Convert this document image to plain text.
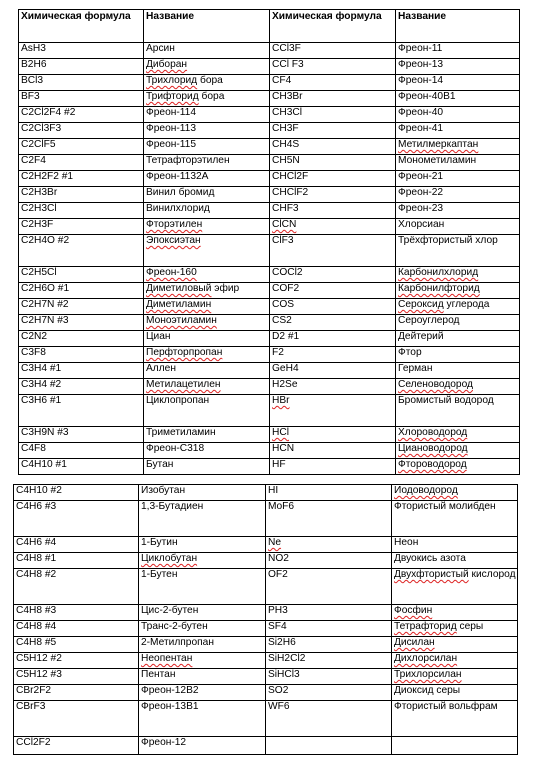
Химическая формула	Название	Химическая формула	Название
AsH3	Арсин	CCl3F	Фреон-11
B2H6	Диборан	CCl F3	Фреон-13
BCl3	Трихлорид бора	CF4	Фреон-14
BF3	Трифторид бора	CH3Br	Фреон-40B1
C2Cl2F4 #2	Фреон-114	CH3Cl	Фреон-40
C2Cl3F3	Фреон-113	CH3F	Фреон-41
C2ClF5	Фреон-115	CH4S	Метилмеркаптан
C2F4	Тетрафторэтилен	CH5N	Монометиламин
C2H2F2 #1	Фреон-1132A	CHCl2F	Фреон-21
C2H3Br	Винил бромид	CHClF2	Фреон-22
C2H3Cl	Винилхлорид	CHF3	Фреон-23
C2H3F	Фторэтилен	ClCN	Хлорсиан
C2H4O #2	Эпоксиэтан	ClF3	Трёхфтористый хлор
C2H5Cl	Фреон-160	COCl2	Карбонилхлорид
C2H6O #1	Диметиловый эфир	COF2	Карбонилфторид
C2H7N #2	Диметиламин	COS	Сероксид углерода
C2H7N #3	Моноэтиламин	CS2	Сероуглерод
C2N2	Циан	D2 #1	Дейтерий
C3F8	Перфторпропан	F2	Фтор
C3H4 #1	Аллен	GeH4	Герман
C3H4 #2	Метилацетилен	H2Se	Селеноводород
C3H6 #1	Циклопропан	HBr	Бромистый водород
C3H9N #3	Триметиламин	HCl	Хлороводород
C4F8	Фреон-C318	HCN	Циановодород
C4H10 #1	Бутан	HF	Фтороводород
C4H10 #2	Изобутан	HI	Иодоводород
C4H6 #3	1,3-Бутадиен	MoF6	Фтористый молибден
C4H6 #4	1-Бутин	Ne	Неон
C4H8 #1	Циклобутан	NO2	Двуокись азота
C4H8 #2	1-Бутен	OF2	Двухфтористый кислород
C4H8 #3	Цис-2-бутен	PH3	Фосфин
C4H8 #4	Транс-2-бутен	SF4	Тетрафторид серы
C4H8 #5	2-Метилпропан	Si2H6	Дисилан
C5H12 #2	Неопентан	SiH2Cl2	Дихлорсилан
C5H12 #3	Пентан	SiHCl3	Трихлорсилан
CBr2F2	Фреон-12B2	SO2	Диоксид серы
CBrF3	Фреон-13B1	WF6	Фтористый вольфрам
CCl2F2	Фреон-12		
